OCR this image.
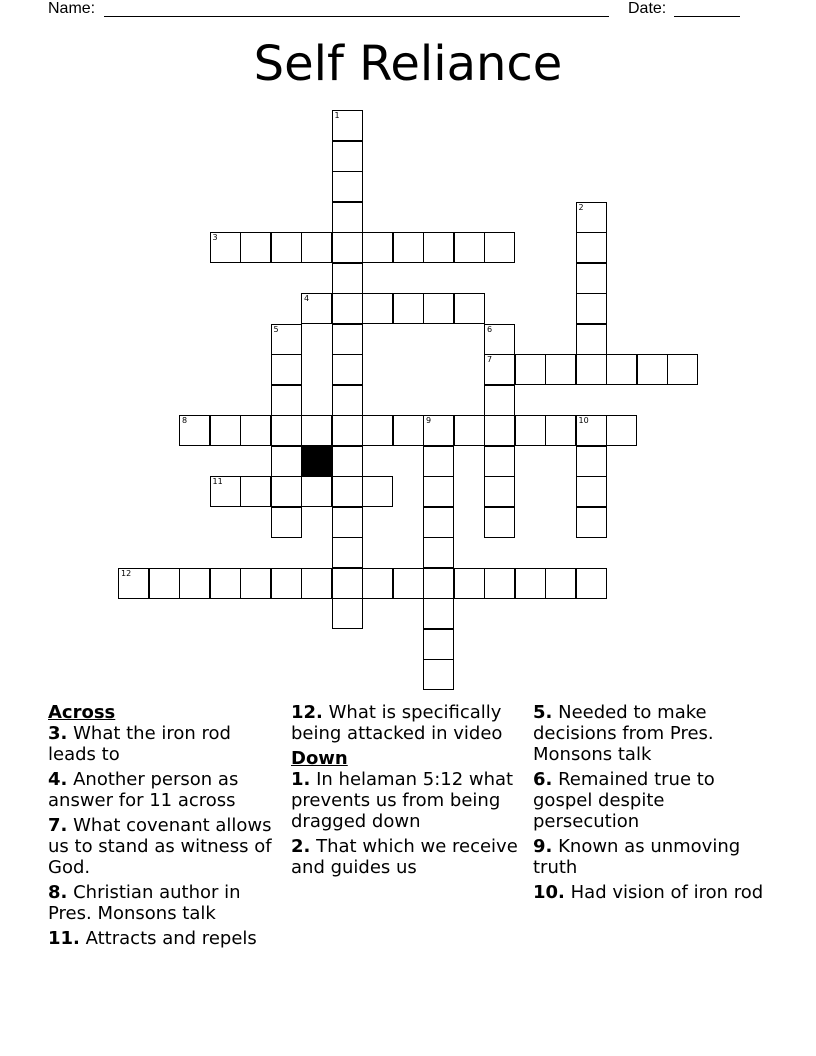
Name:	Date:
Self Reliance
1
2
3
4
5	6
7
8	9	10
11
12

Across

3. What the iron rod leads to

4. Another person as answer for 11 across

7. What covenant allows us to stand as witness of God.

8. Christian author in Pres. Monsons talk

11. Attracts and repels

12. What is specifically being attacked in video

Down

1. In helaman 5:12 what prevents us from being dragged down

2. That which we receive and guides us

5. Needed to make decisions from Pres. Monsons talk

6. Remained true to gospel despite persecution

9. Known as unmoving truth

10. Had vision of iron rod
